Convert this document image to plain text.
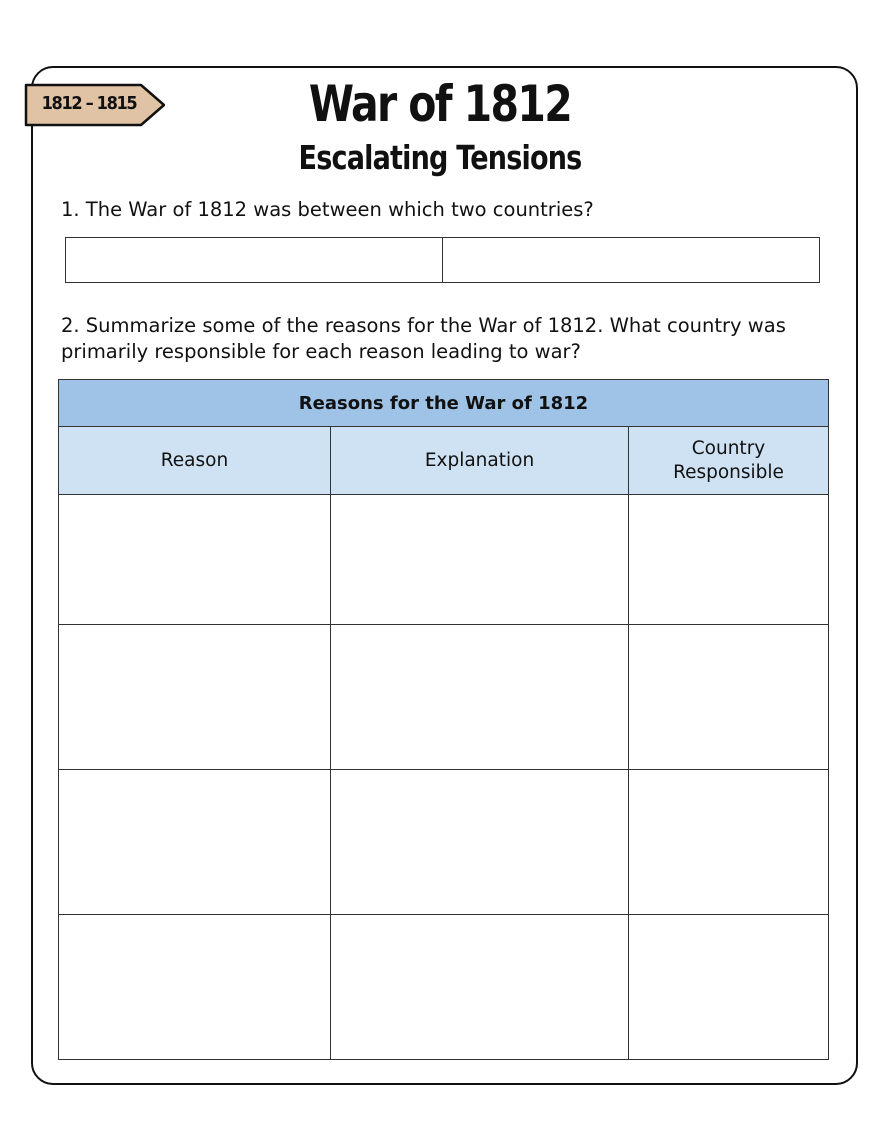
1812 – 1815	War of 1812
Escalating Tensions
1. The War of 1812 was between which two countries?
2. Summarize some of the reasons for the War of 1812. What country was primarily responsible for each reason leading to war?
Reasons for the War of 1812		
Reason	Explanation	Country Responsible
